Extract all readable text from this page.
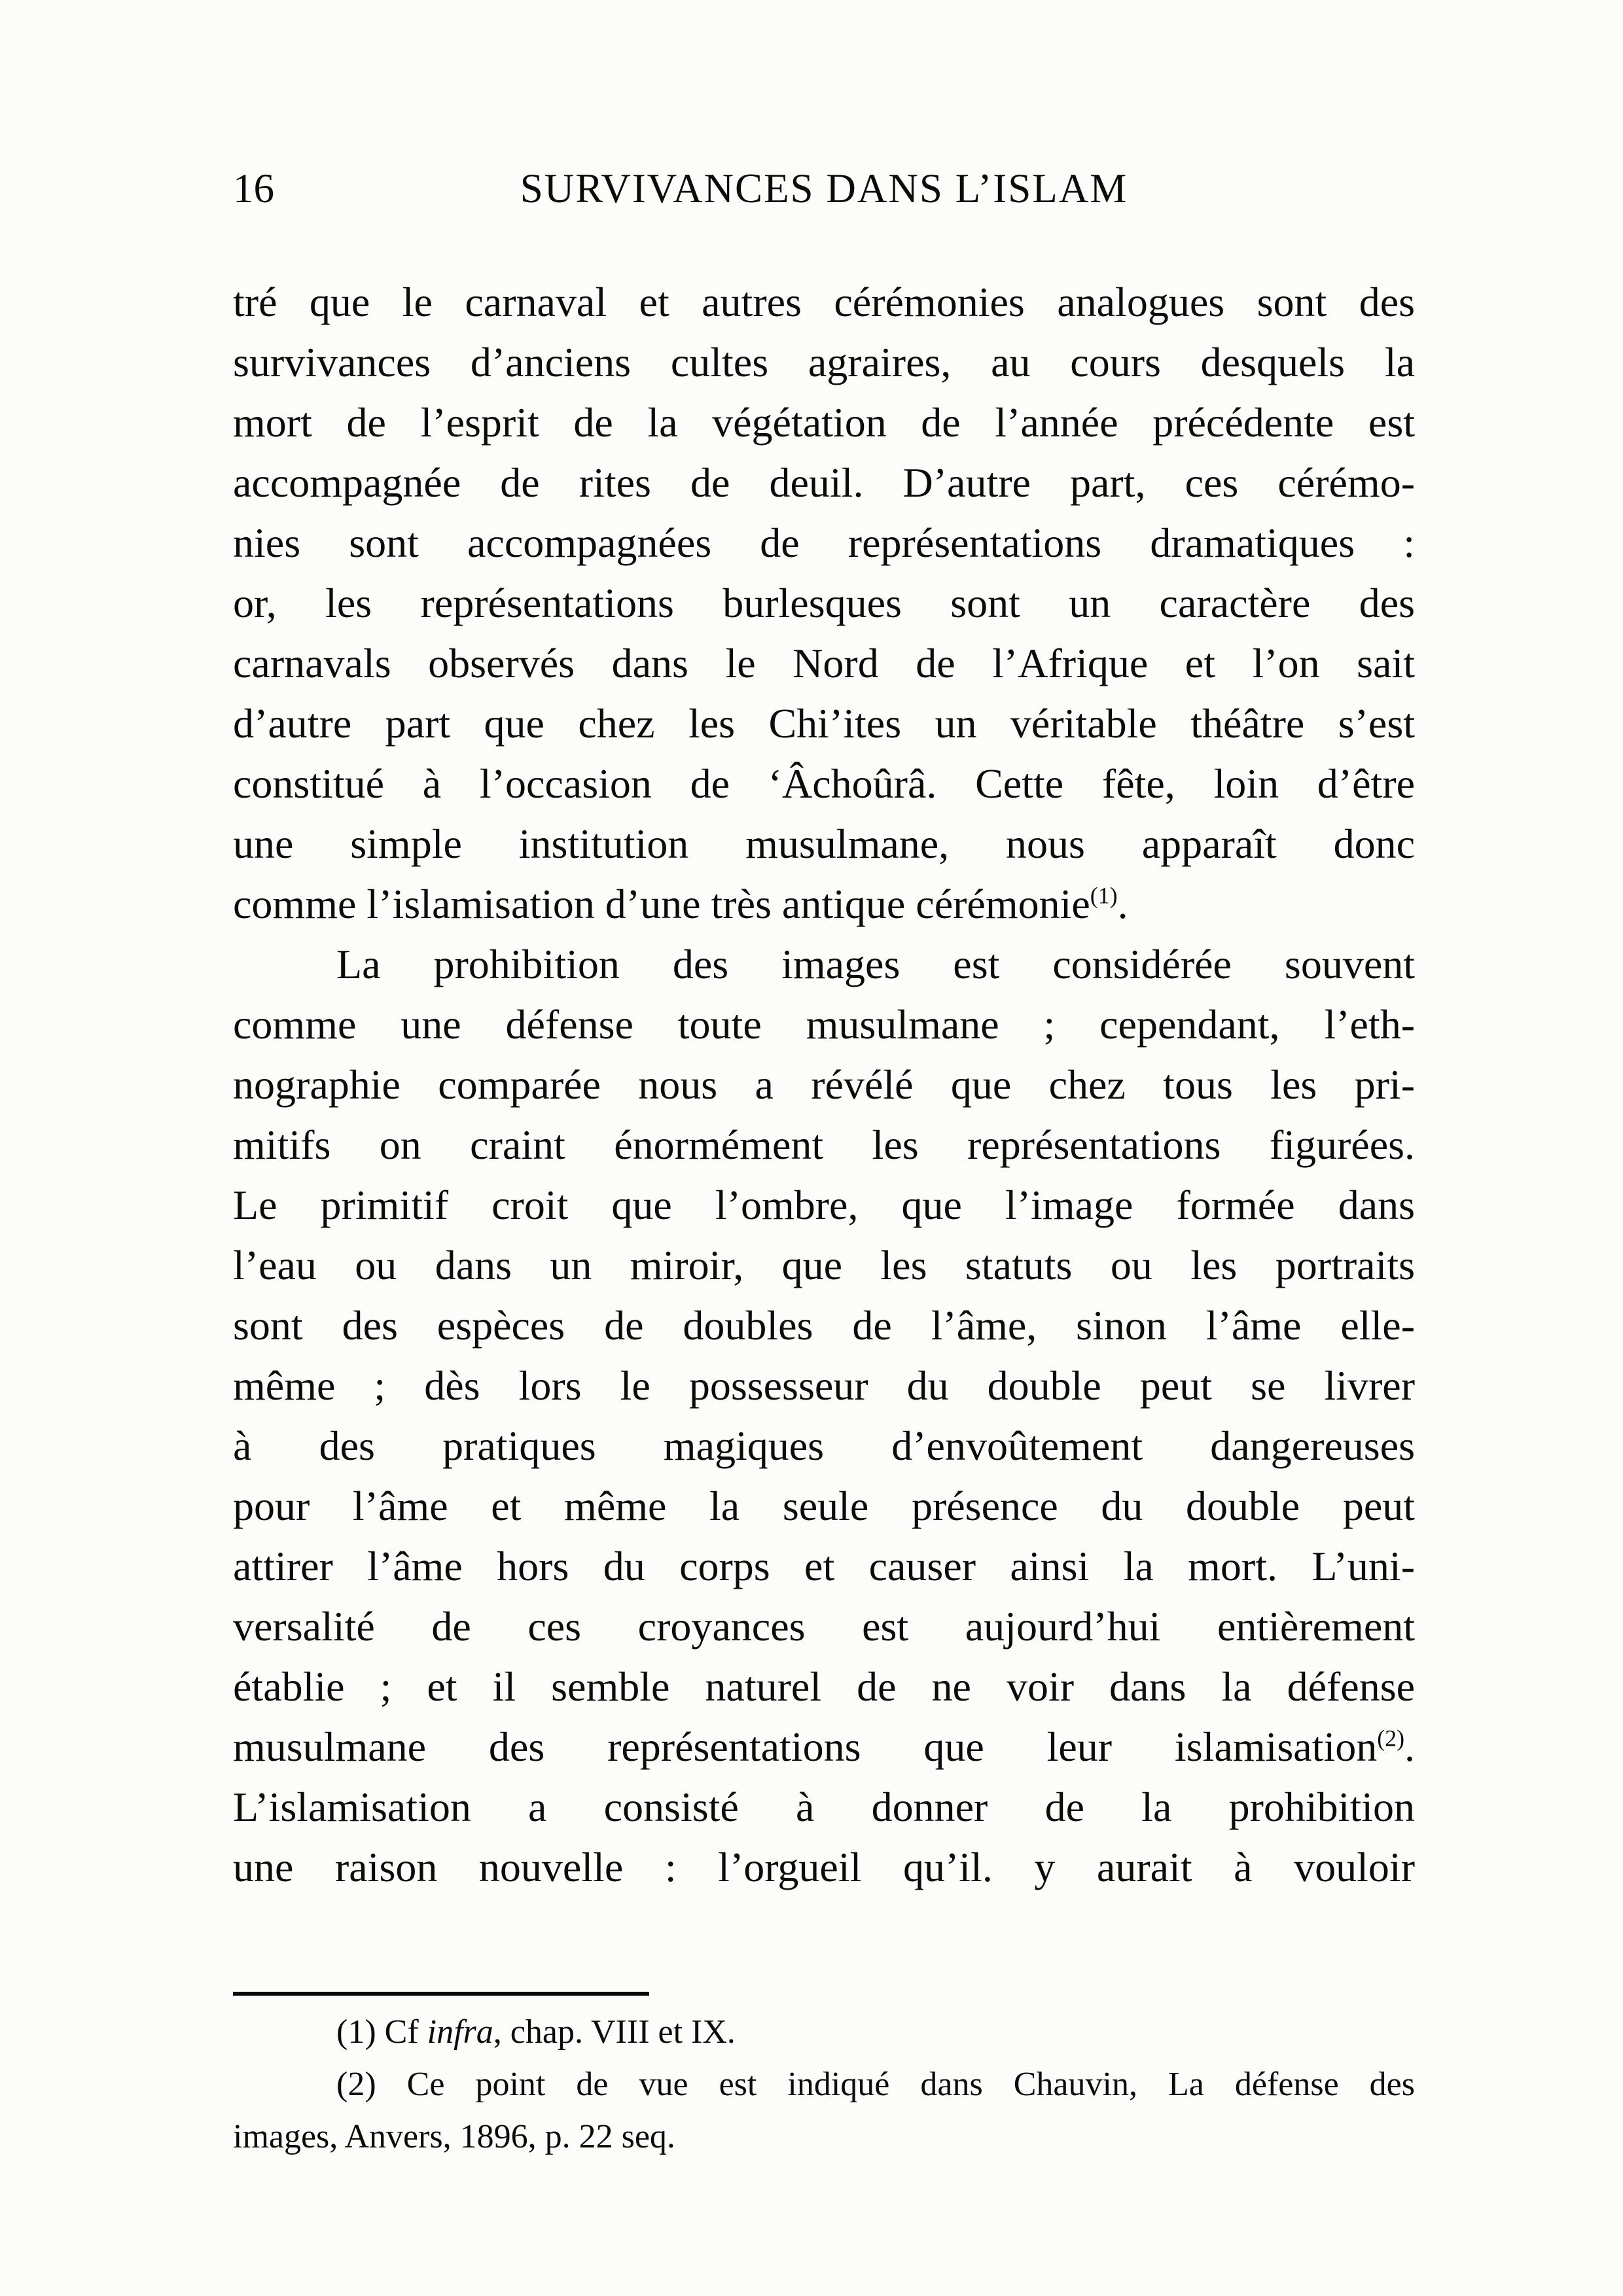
16	SURVIVANCES DANS L’ISLAM
tré que le carnaval et autres cérémonies analogues sont des
survivances d’anciens cultes agraires, au cours desquels la
mort de l’esprit de la végétation de l’année précédente est
accompagnée de rites de deuil. D’autre part, ces cérémo-
nies sont accompagnées de représentations dramatiques :
or, les représentations burlesques sont un caractère des
carnavals observés dans le Nord de l’Afrique et l’on sait
d’autre part que chez les Chi’ites un véritable théâtre s’est
constitué à l’occasion de ‘Âchoûrâ. Cette fête, loin d’être
une simple institution musulmane, nous apparaît donc
comme l’islamisation d’une très antique cérémonie$^{(1)}$.
La prohibition des images est considérée souvent
comme une défense toute musulmane ; cependant, l’eth-
nographie comparée nous a révélé que chez tous les pri-
mitifs on craint énormément les représentations figurées.
Le primitif croit que l’ombre, que l’image formée dans
l’eau ou dans un miroir, que les statuts ou les portraits
sont des espèces de doubles de l’âme, sinon l’âme elle-
même ; dès lors le possesseur du double peut se livrer
à des pratiques magiques d’envoûtement dangereuses
pour l’âme et même la seule présence du double peut
attirer l’âme hors du corps et causer ainsi la mort. L’uni-
versalité de ces croyances est aujourd’hui entièrement
établie ; et il semble naturel de ne voir dans la défense
musulmane des représentations que leur islamisation$^{(2)}$.
L’islamisation a consisté à donner de la prohibition
une raison nouvelle : l’orgueil qu’il. y aurait à vouloir
(1) Cf infra, chap. VIII et IX.
(2) Ce point de vue est indiqué dans Chauvin, La défense des
images, Anvers, 1896, p. 22 seq.
